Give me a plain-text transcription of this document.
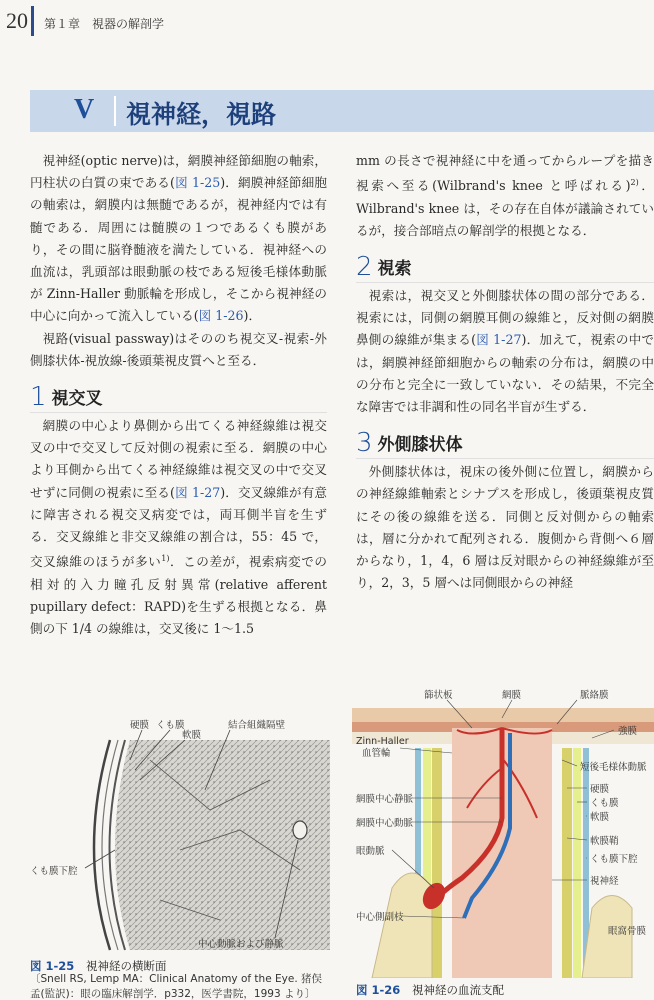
20 第１章　視器の解剖学
V 視神経，視路

視神経(optic nerve)は，網膜神経節細胞の軸索，円柱状の白質の束である(図 1-25)．網膜神経節細胞の軸索は，網膜内は無髄であるが，視神経内では有髄である．周囲には髄膜の１つであるくも膜があり，その間に脳脊髄液を満たしている．視神経への血流は，乳頭部は眼動脈の枝である短後毛様体動脈が Zinn-Haller 動脈輪を形成し，そこから視神経の中心に向かって流入している(図 1-26)．

視路(visual passway)はそののち視交叉-視索-外側膝状体-視放線-後頭葉視皮質へと至る．

1 視交叉

網膜の中心より鼻側から出てくる神経線維は視交叉の中で交叉して反対側の視索に至る．網膜の中心より耳側から出てくる神経線維は視交叉の中で交叉せずに同側の視索に至る(図 1-27)．交叉線維が有意に障害される視交叉病変では，両耳側半盲を生ずる．交叉線維と非交叉線維の割合は，55：45 で，交叉線維のほうが多い$^{1)}$．この差が，視索病変での相対的入力瞳孔反射異常(relative afferent pupillary defect：RAPD)を生ずる根拠となる．鼻側の下 1/4 の線維は，交叉後に 1～1.5

mm の長さで視神経に中を通ってからループを描き視索へ至る(Wilbrand's knee と呼ばれる)$^{2)}$．Wilbrand's knee は，その存在自体が議論されているが，接合部暗点の解剖学的根拠となる．

2 視索

視索は，視交叉と外側膝状体の間の部分である．視索には，同側の網膜耳側の線維と，反対側の網膜鼻側の線維が集まる(図 1-27)．加えて，視索の中では，網膜神経節細胞からの軸索の分布は，網膜の中の分布と完全に一致していない．その結果，不完全な障害では非調和性の同名半盲が生ずる．

3 外側膝状体

外側膝状体は，視床の後外側に位置し，網膜からの神経線維軸索とシナプスを形成し，後頭葉視皮質にその後の線維を送る．同側と反対側からの軸索は，層に分かれて配列される．腹側から背側へ６層からなり，1，4，6 層は反対眼からの神経線維が至り，2，3，5 層へは同側眼からの神経

硬膜 くも膜
軟膜
結合組織隔壁
くも膜下腔
中心動脈および静脈
図 1-25 視神経の横断面
〔Snell RS, Lemp MA：Clinical Anatomy of the Eye. 猪俣
孟(監訳)：眼の臨床解剖学．p332，医学書院，1993 より〕
篩状板	網膜	脈絡膜
強膜
Zinn-Haller
血管輪
短後毛様体動脈
網膜中心静脈
網膜中心動脈
硬膜
くも膜
軟膜
眼動脈
軟膜鞘
くも膜下腔
視神経
中心側副枝
眼窩骨膜
図 1-26 視神経の血流支配
